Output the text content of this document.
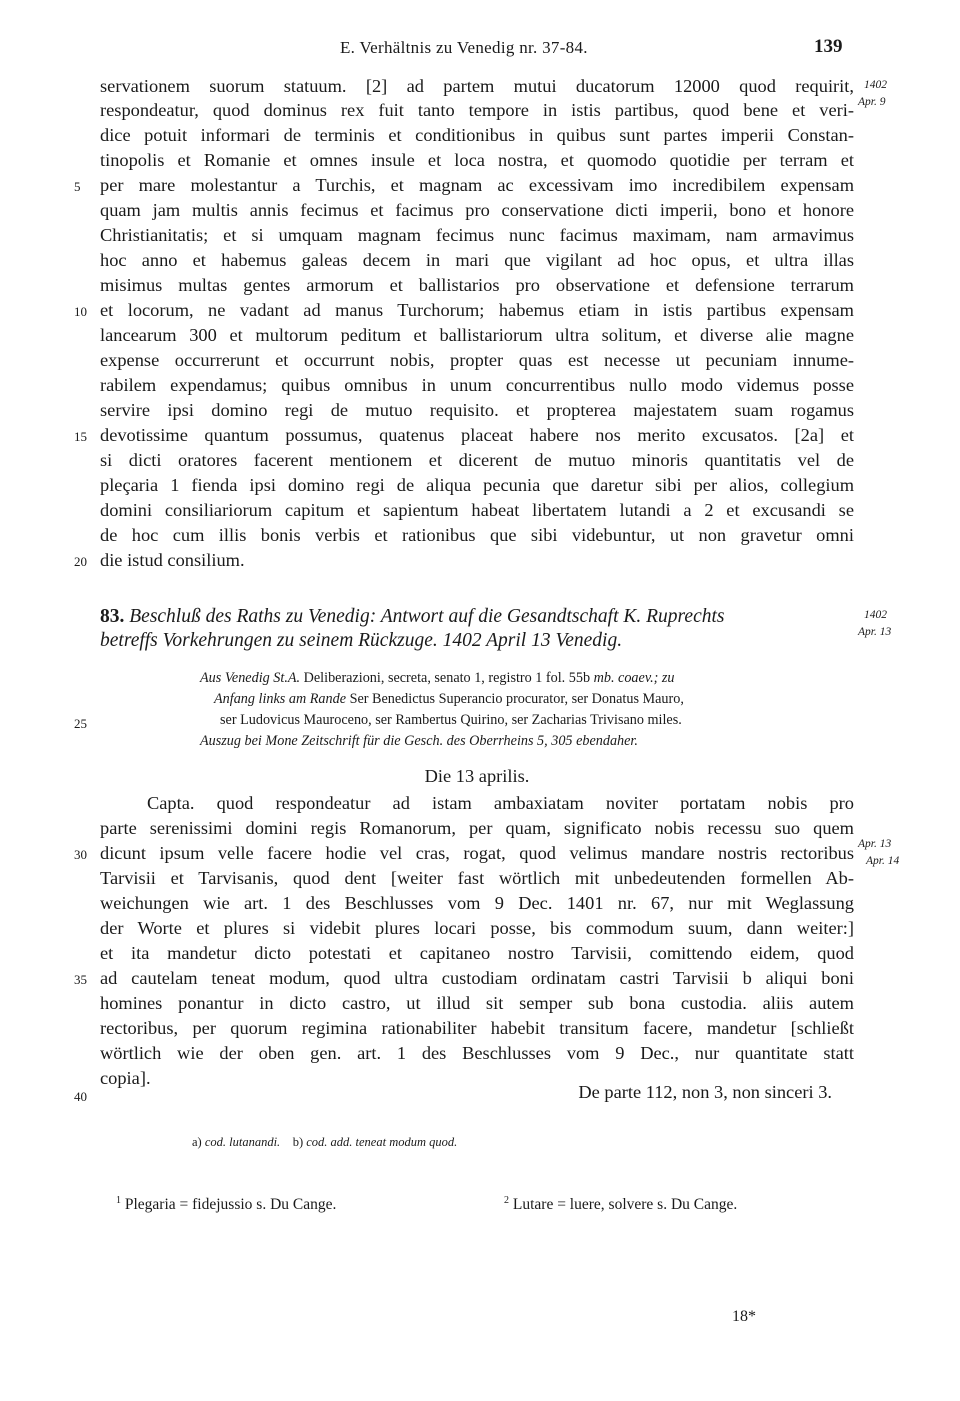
E. Verhältnis zu Venedig nr. 37-84.	139
servationem suorum statuum. [2] ad partem mutui ducatorum 12000 quod requirit,
respondeatur, quod dominus rex fuit tanto tempore in istis partibus, quod bene et veri-
dice potuit informari de terminis et conditionibus in quibus sunt partes imperii Constan-
tinopolis et Romanie et omnes insule et loca nostra, et quomodo quotidie per terram et
per mare molestantur a Turchis, et magnam ac excessivam imo incredibilem expensam
quam jam multis annis fecimus et facimus pro conservatione dicti imperii, bono et honore
Christianitatis; et si umquam magnam fecimus nunc facimus maximam, nam armavimus
hoc anno et habemus galeas decem in mari que vigilant ad hoc opus, et ultra illas
misimus multas gentes armorum et ballistarios pro observatione et defensione terrarum
et locorum, ne vadant ad manus Turchorum; habemus etiam in istis partibus expensam
lancearum 300 et multorum peditum et ballistariorum ultra solitum, et diverse alie magne
expense occurrerunt et occurrunt nobis, propter quas est necesse ut pecuniam innume-
rabilem expendamus; quibus omnibus in unum concurrentibus nullo modo videmus posse
servire ipsi domino regi de mutuo requisito. et propterea majestatem suam rogamus
devotissime quantum possumus, quatenus placeat habere nos merito excusatos. [2a] et
si dicti oratores facerent mentionem et dicerent de mutuo minoris quantitatis vel de
pleçaria 1 fienda ipsi domino regi de aliqua pecunia que daretur sibi per alios, collegium
domini consiliariorum capitum et sapientum habeat libertatem lutandi a 2 et excusandi se
de hoc cum illis bonis verbis et rationibus que sibi videbuntur, ut non gravetur omni
die istud consilium.
5
10
15
20
1402
Apr. 9
83. Beschluß des Raths zu Venedig: Antwort auf die Gesandtschaft K. Ruprechts
betreffs Vorkehrungen zu seinem Rückzuge. 1402 April 13 Venedig.
1402
Apr. 13
Aus Venedig St.A. Deliberazioni, secreta, senato 1, registro 1 fol. 55b mb. coaev.; zu
Anfang links am Rande Ser Benedictus Superancio procurator, ser Donatus Mauro,
ser Ludovicus Mauroceno, ser Rambertus Quirino, ser Zacharias Trivisano miles.
Auszug bei Mone Zeitschrift für die Gesch. des Oberrheins 5, 305 ebendaher.
25
Die 13 aprilis.
Capta. quod respondeatur ad istam ambaxiatam noviter portatam nobis pro
parte serenissimi domini regis Romanorum, per quam, significato nobis recessu suo quem
dicunt ipsum velle facere hodie vel cras, rogat, quod velimus mandare nostris rectoribus
Tarvisii et Tarvisanis, quod dent [weiter fast wörtlich mit unbedeutenden formellen Ab-
weichungen wie art. 1 des Beschlusses vom 9 Dec. 1401 nr. 67, nur mit Weglassung
der Worte et plures si videbit plures locari posse, bis commodum suum, dann weiter:]
et ita mandetur dicto potestati et capitaneo nostro Tarvisii, comittendo eidem, quod
ad cautelam teneat modum, quod ultra custodiam ordinatam castri Tarvisii b aliqui boni
homines ponantur in dicto castro, ut illud sit semper sub bona custodia. aliis autem
rectoribus, per quorum regimina rationabiliter habebit transitum facere, mandetur [schließt
wörtlich wie der oben gen. art. 1 des Beschlusses vom 9 Dec., nur quantitate statt
copia].
30
35
40
Apr. 13
Apr. 14
De parte 112, non 3, non sinceri 3.
a) cod. lutanandi. b) cod. add. teneat modum quod.
$^1$ Plegaria = fidejussio s. Du Cange.	$^2$ Lutare = luere, solvere s. Du Cange.
18*
